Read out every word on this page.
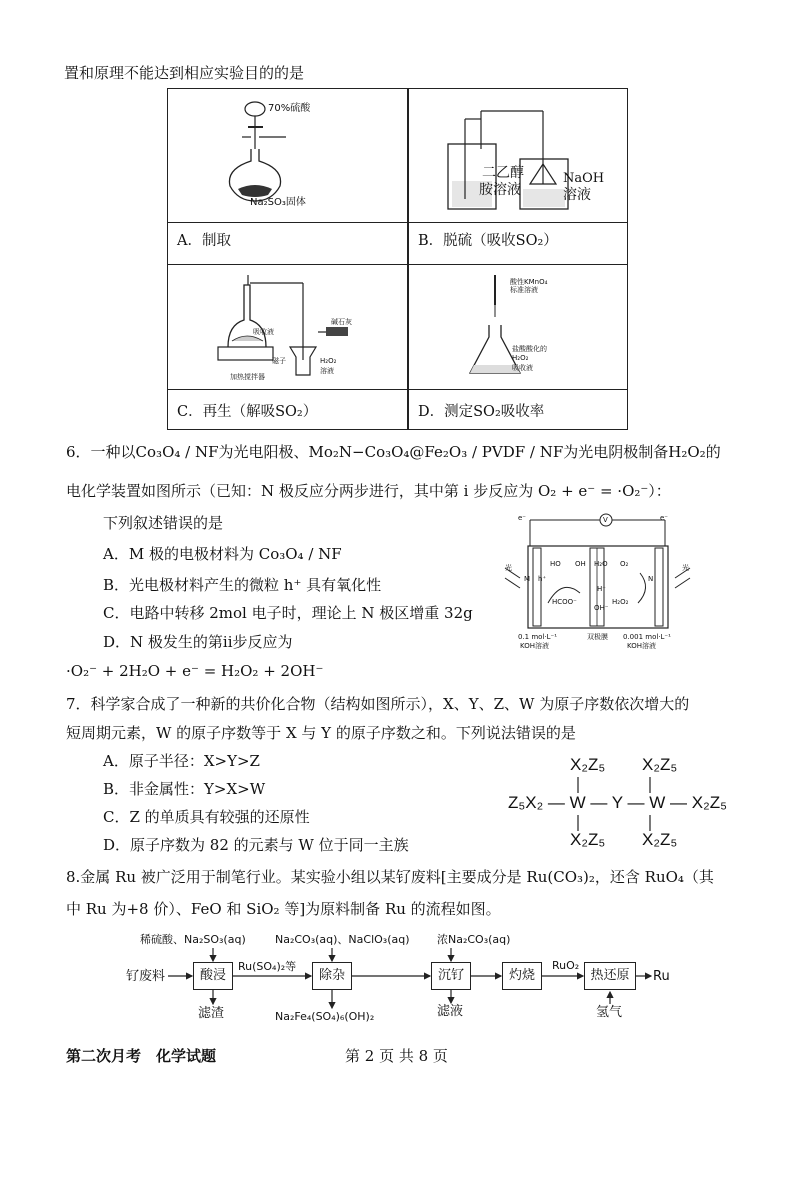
置和原理不能达到相应实验目的的是
70%硫酸
Na₂SO₃固体
A．制取
二乙醇
胺溶液
NaOH
溶液
B．脱硫（吸收SO₂）
吸收液
碱石灰
磁子
加热搅拌器
H₂O₂
溶液
C．再生（解吸SO₂）
酸性KMnO₄
标准溶液
盐酸酸化的
H₂O₂
吸收液
D．测定SO₂吸收率
6．一种以Co₃O₄ / NF为光电阳极、Mo₂N−Co₃O₄@Fe₂O₃ / PVDF / NF为光电阴极制备H₂O₂的
电化学装置如图所示（已知：N 极反应分两步进行，其中第 i 步反应为 O₂ + e⁻ = ·O₂⁻）：
下列叙述错误的是
A．M 极的电极材料为 Co₃O₄ / NF
B．光电极材料产生的微粒 h⁺ 具有氧化性
C．电路中转移 2mol 电子时，理论上 N 极区增重 32g
D．N 极发生的第ii步反应为
·O₂⁻ + 2H₂O + e⁻ = H₂O₂ + 2OH⁻
e⁻	V	e⁻
光	光
M h⁺
HO OH
HCOO⁻
H₂O
H⁺
OH⁻
O₂
N
H₂O₂
0.1 mol·L⁻¹
KOH溶液
双极膜 0.001 mol·L⁻¹
KOH溶液
7．科学家合成了一种新的共价化合物（结构如图所示），X、Y、Z、W 为原子序数依次增大的
短周期元素，W 的原子序数等于 X 与 Y 的原子序数之和。下列说法错误的是
A．原子半径：X>Y>Z
B．非金属性：Y>X>W
C．Z 的单质具有较强的还原性
D．原子序数为 82 的元素与 W 位于同一主族
X₂Z₅ X₂Z₅
Z₅X₂ — W — Y — W — X₂Z₅
X₂Z₅ X₂Z₅
8.金属 Ru 被广泛用于制笔行业。某实验小组以某钌废料[主要成分是 Ru(CO₃)₂，还含 RuO₄（其
中 Ru 为+8 价）、FeO 和 SiO₂ 等]为原料制备 Ru 的流程如图。
稀硫酸、Na₂SO₃(aq)	Na₂CO₃(aq)、NaClO₃(aq) 浓Na₂CO₃(aq)
钌废料	酸浸
Ru(SO₄)₂等
除杂	沉钌	灼烧
RuO₂
热还原	Ru
滤渣	Na₂Fe₄(SO₄)₆(OH)₂	滤液	氢气
第二次月考　化学试题	第 2 页 共 8 页
